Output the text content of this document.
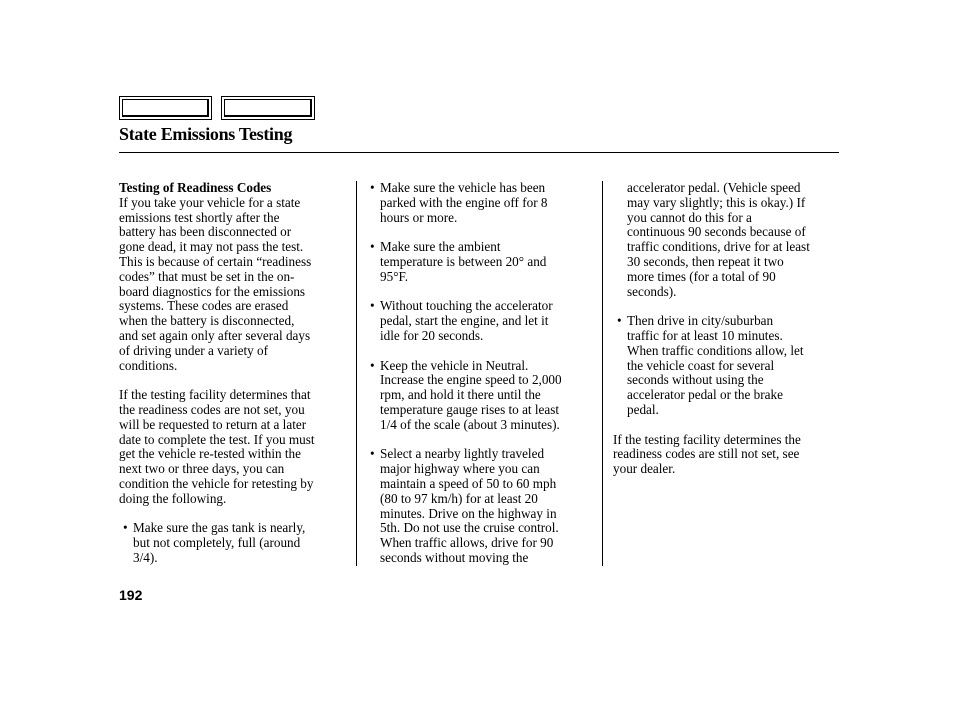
State Emissions Testing

Testing of Readiness Codes

If you take your vehicle for a state

emissions test shortly after the

battery has been disconnected or

gone dead, it may not pass the test.

This is because of certain “readiness

codes” that must be set in the on-

board diagnostics for the emissions

systems. These codes are erased

when the battery is disconnected,

and set again only after several days

of driving under a variety of

conditions.

If the testing facility determines that

the readiness codes are not set, you

will be requested to return at a later

date to complete the test. If you must

get the vehicle re-tested within the

next two or three days, you can

condition the vehicle for retesting by

doing the following.

• Make sure the gas tank is nearly,

but not completely, full (around

3/4).

• Make sure the vehicle has been

parked with the engine off for 8

hours or more.

• Make sure the ambient

temperature is between 20° and

95°F.

• Without touching the accelerator

pedal, start the engine, and let it

idle for 20 seconds.

• Keep the vehicle in Neutral.

Increase the engine speed to 2,000

rpm, and hold it there until the

temperature gauge rises to at least

1/4 of the scale (about 3 minutes).

• Select a nearby lightly traveled

major highway where you can

maintain a speed of 50 to 60 mph

(80 to 97 km/h) for at least 20

minutes. Drive on the highway in

5th. Do not use the cruise control.

When traffic allows, drive for 90

seconds without moving the

accelerator pedal. (Vehicle speed

may vary slightly; this is okay.) If

you cannot do this for a

continuous 90 seconds because of

traffic conditions, drive for at least

30 seconds, then repeat it two

more times (for a total of 90

seconds).

• Then drive in city/suburban

traffic for at least 10 minutes.

When traffic conditions allow, let

the vehicle coast for several

seconds without using the

accelerator pedal or the brake

pedal.

If the testing facility determines the

readiness codes are still not set, see

your dealer.

192
